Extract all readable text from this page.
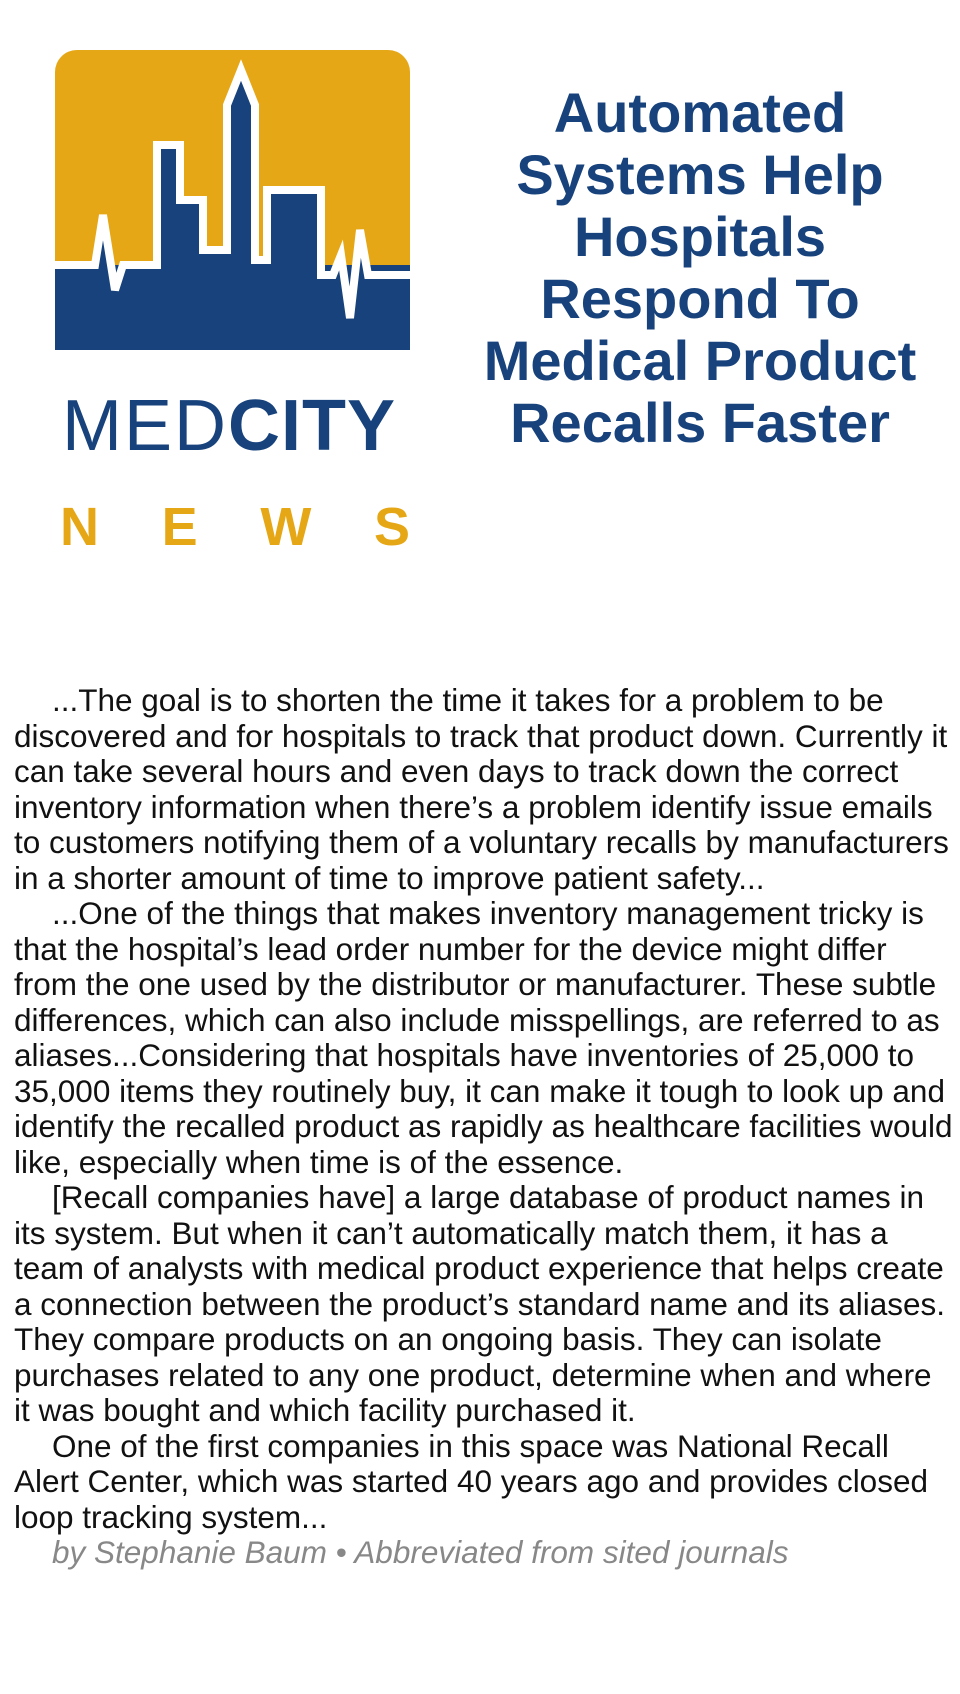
MEDCITY
N E W S
Automated Systems Help Hospitals Respond To Medical Product Recalls Faster

...The goal is to shorten the time it takes for a problem to be discovered and for hospitals to track that product down. Currently it can take several hours and even days to track down the correct inventory information when there’s a problem identify issue emails to customers notifying them of a voluntary recalls by manufacturers in a shorter amount of time to improve patient safety...

...One of the things that makes inventory management tricky is that the hospital’s lead order number for the device might differ from the one used by the distributor or manufacturer. These subtle differences, which can also include misspellings, are referred to as aliases...Considering that hospitals have inventories of 25,000 to 35,000 items they routinely buy, it can make it tough to look up and identify the recalled product as rapidly as healthcare facilities would like, especially when time is of the essence.

[Recall companies have] a large database of product names in its system. But when it can’t automatically match them, it has a team of analysts with medical product experience that helps create a connection between the product’s standard name and its aliases. They compare products on an ongoing basis. They can isolate purchases related to any one product, determine when and where it was bought and which facility purchased it.

One of the first companies in this space was National Recall Alert Center, which was started 40 years ago and provides closed loop tracking system...

by Stephanie Baum • Abbreviated from sited journals
